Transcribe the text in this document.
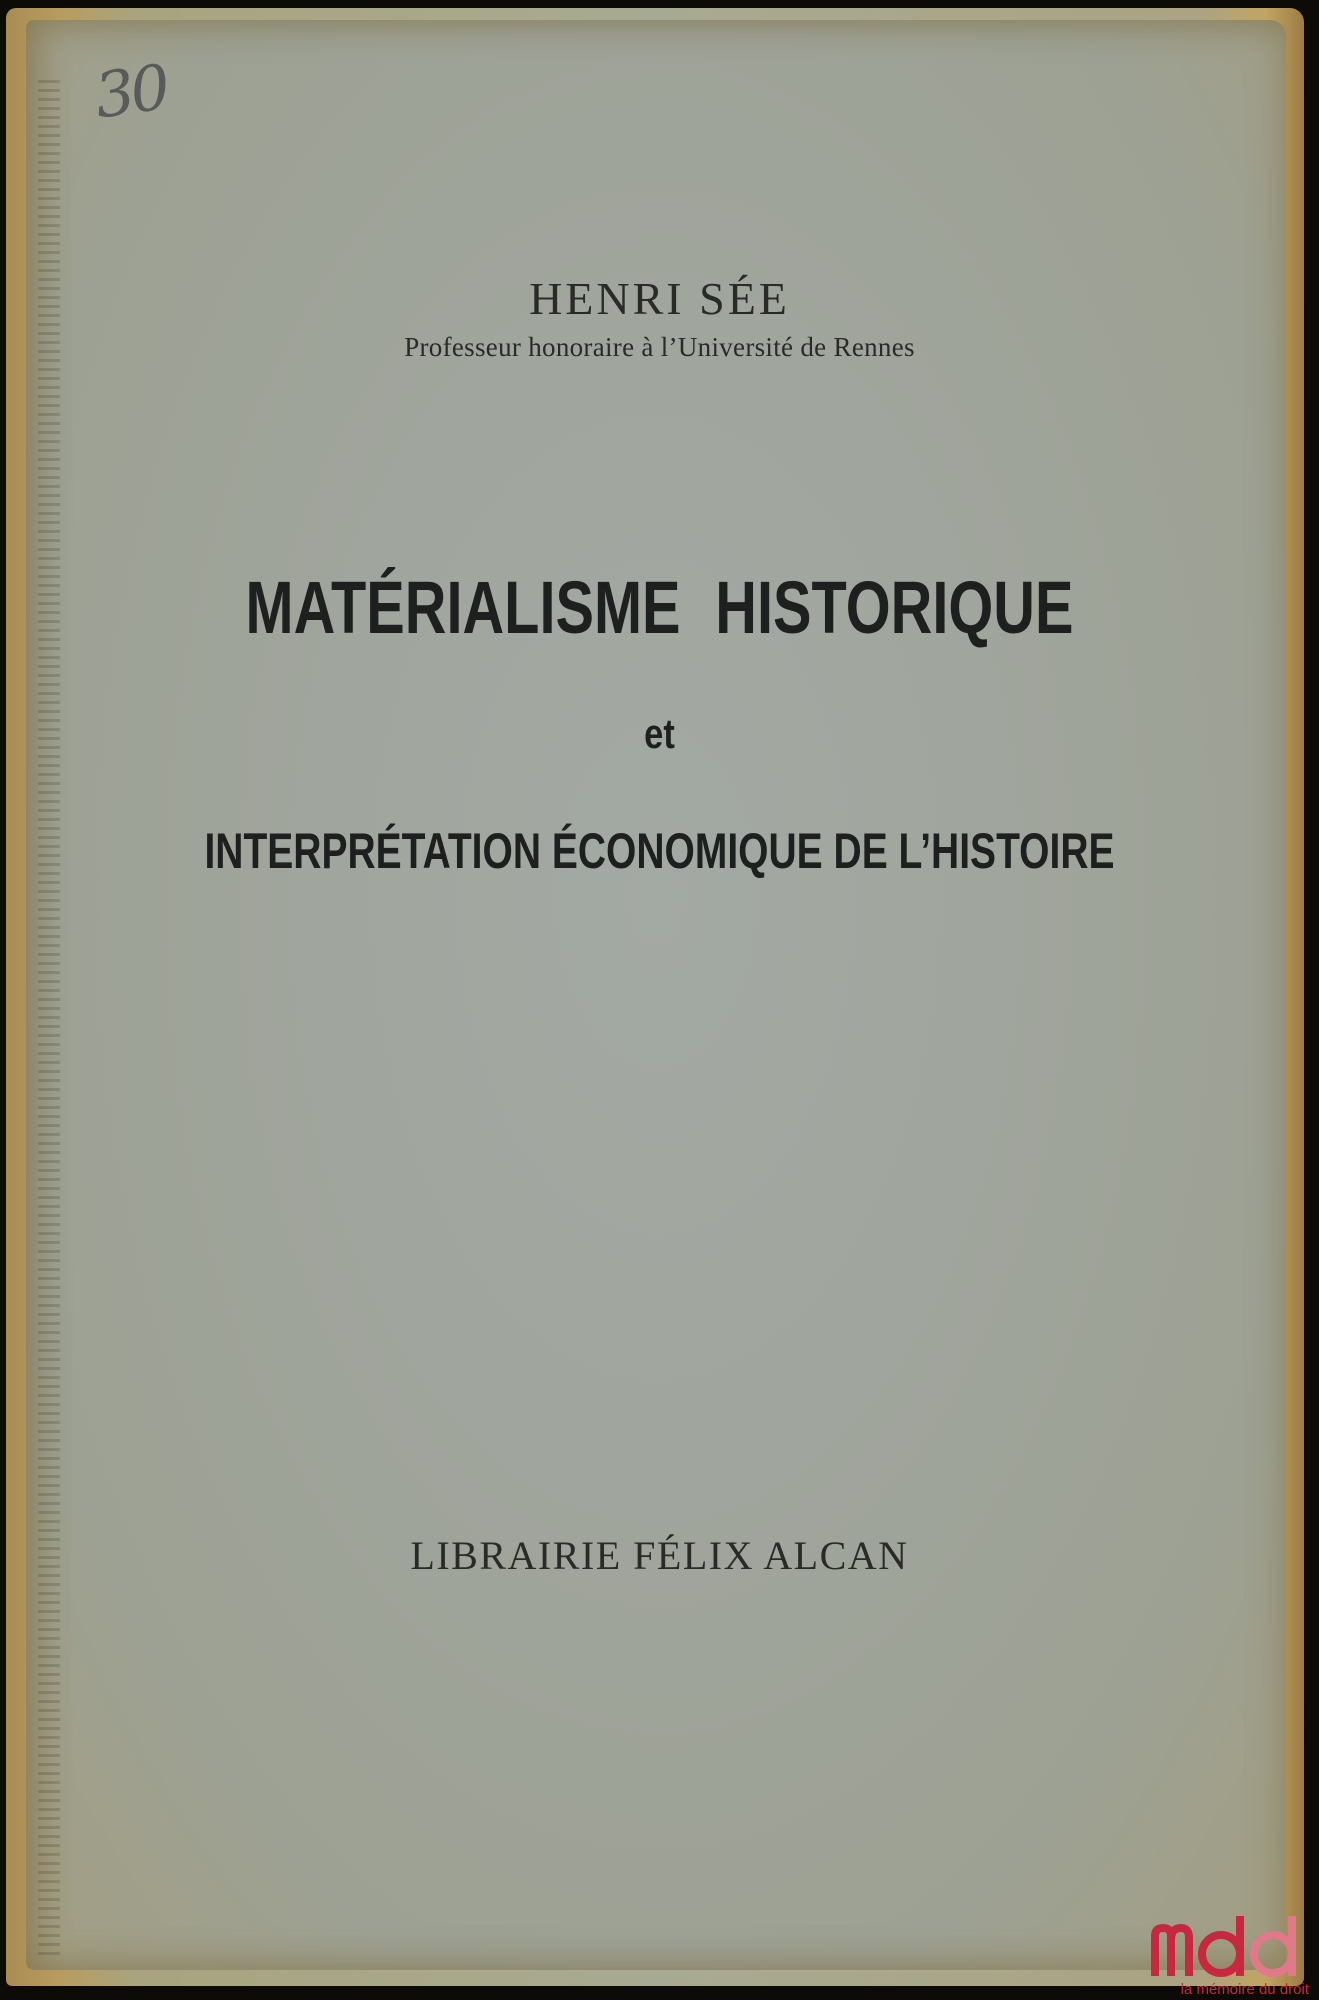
30
HENRI SÉE
Professeur honoraire à l’Université de Rennes
MATÉRIALISME HISTORIQUE
et
INTERPRÉTATION ÉCONOMIQUE DE L’HISTOIRE
LIBRAIRIE FÉLIX ALCAN
la mémoire du droit
